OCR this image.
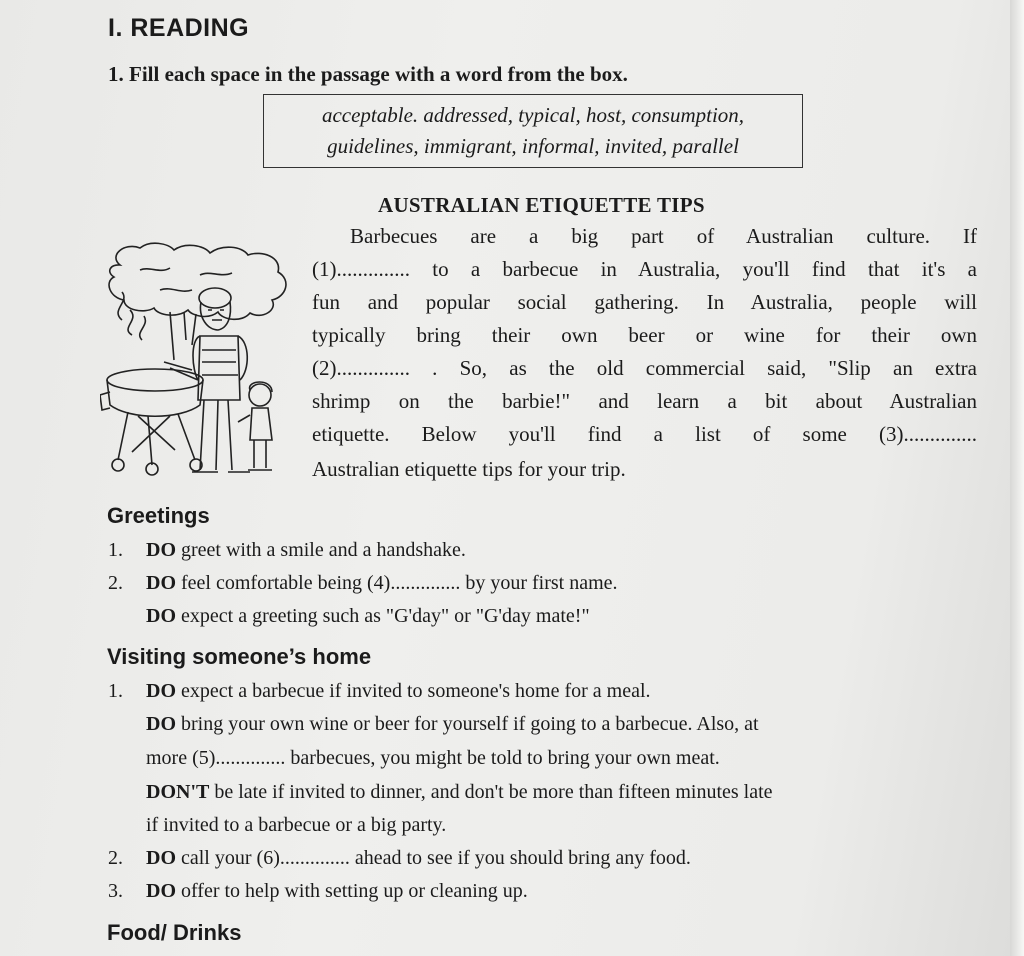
I. READING
1. Fill each space in the passage with a word from the box.
acceptable. addressed, typical, host, consumption,
guidelines, immigrant, informal, invited, parallel
AUSTRALIAN ETIQUETTE TIPS
Barbecues are a big part of Australian culture. If
(1).............. to a barbecue in Australia, you'll find that it's a
fun and popular social gathering. In Australia, people will
typically bring their own beer or wine for their own
(2).............. . So, as the old commercial said, "Slip an extra
shrimp on the barbie!" and learn a bit about Australian
etiquette. Below you'll find a list of some (3)..............
Australian etiquette tips for your trip.
Greetings
1. DO greet with a smile and a handshake.
2. DO feel comfortable being (4).............. by your first name.
DO expect a greeting such as "G'day" or "G'day mate!"
Visiting someone’s home
1. DO expect a barbecue if invited to someone's home for a meal.
DO bring your own wine or beer for yourself if going to a barbecue. Also, at
more (5).............. barbecues, you might be told to bring your own meat.
DON'T be late if invited to dinner, and don't be more than fifteen minutes late
if invited to a barbecue or a big party.
2. DO call your (6).............. ahead to see if you should bring any food.
3. DO offer to help with setting up or cleaning up.
Food/ Drinks
